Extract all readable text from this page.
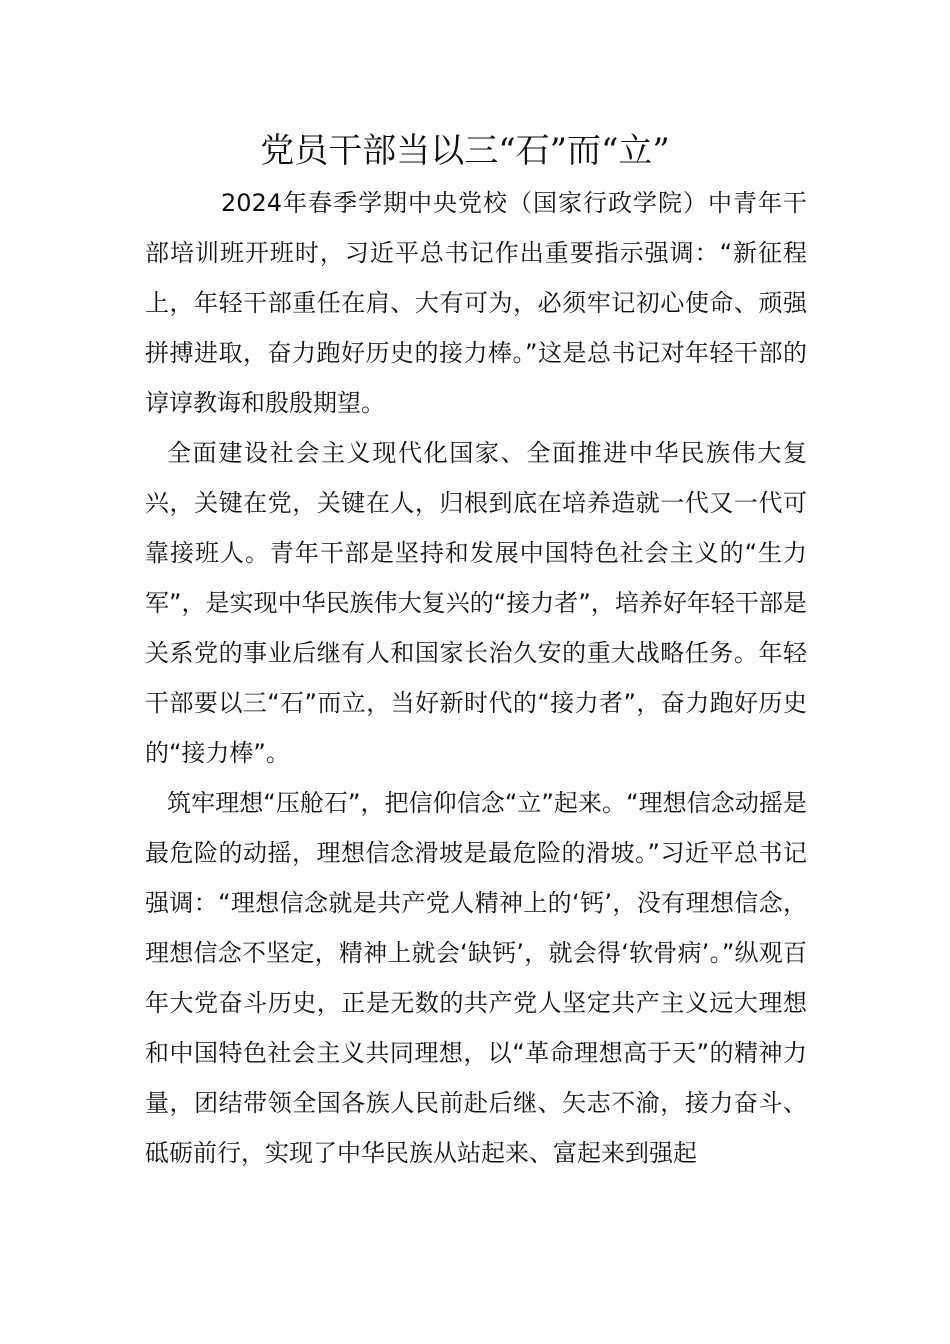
党员干部当以三“石”而“立”

2024年春季学期中央党校（国家行政学院）中青年干部培训班开班时，习近平总书记作出重要指示强调：“新征程上，年轻干部重任在肩、大有可为，必须牢记初心使命、顽强拼搏进取，奋力跑好历史的接力棒。”这是总书记对年轻干部的谆谆教诲和殷殷期望。

全面建设社会主义现代化国家、全面推进中华民族伟大复兴，关键在党，关键在人，归根到底在培养造就一代又一代可靠接班人。青年干部是坚持和发展中国特色社会主义的“生力军”，是实现中华民族伟大复兴的“接力者”，培养好年轻干部是关系党的事业后继有人和国家长治久安的重大战略任务。年轻干部要以三“石”而立，当好新时代的“接力者”，奋力跑好历史的“接力棒”。

筑牢理想“压舱石”，把信仰信念“立”起来。“理想信念动摇是最危险的动摇，理想信念滑坡是最危险的滑坡。”习近平总书记强调：“理想信念就是共产党人精神上的‘钙’，没有理想信念，理想信念不坚定，精神上就会‘缺钙’，就会得‘软骨病’。”纵观百年大党奋斗历史，正是无数的共产党人坚定共产主义远大理想和中国特色社会主义共同理想，以“革命理想高于天”的精神力量，团结带领全国各族人民前赴后继、矢志不渝，接力奋斗、砥砺前行，实现了中华民族从站起来、富起来到强起
